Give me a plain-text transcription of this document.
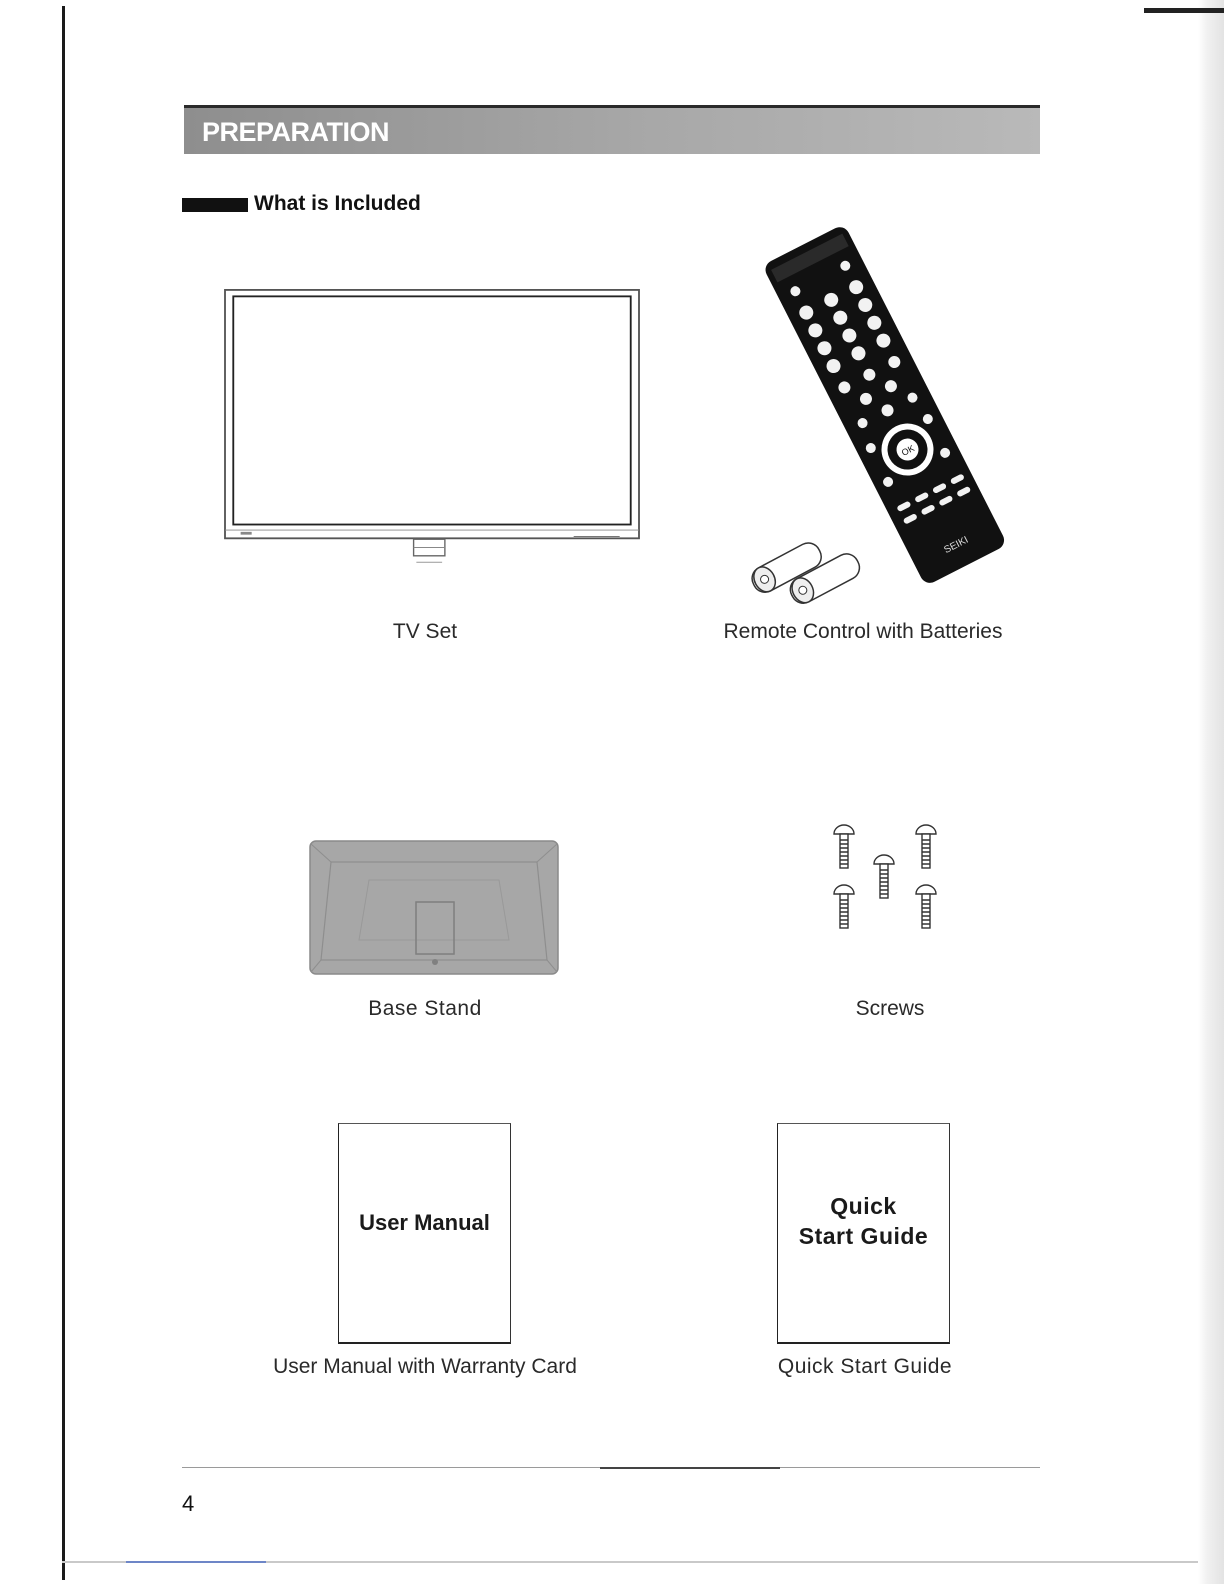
PREPARATION
What is Included
TV Set
OK
SEIKI
Remote Control with Batteries
Base Stand	Screws
User Manual
User Manual with Warranty Card
Quick
Start Guide
Quick Start Guide
4
